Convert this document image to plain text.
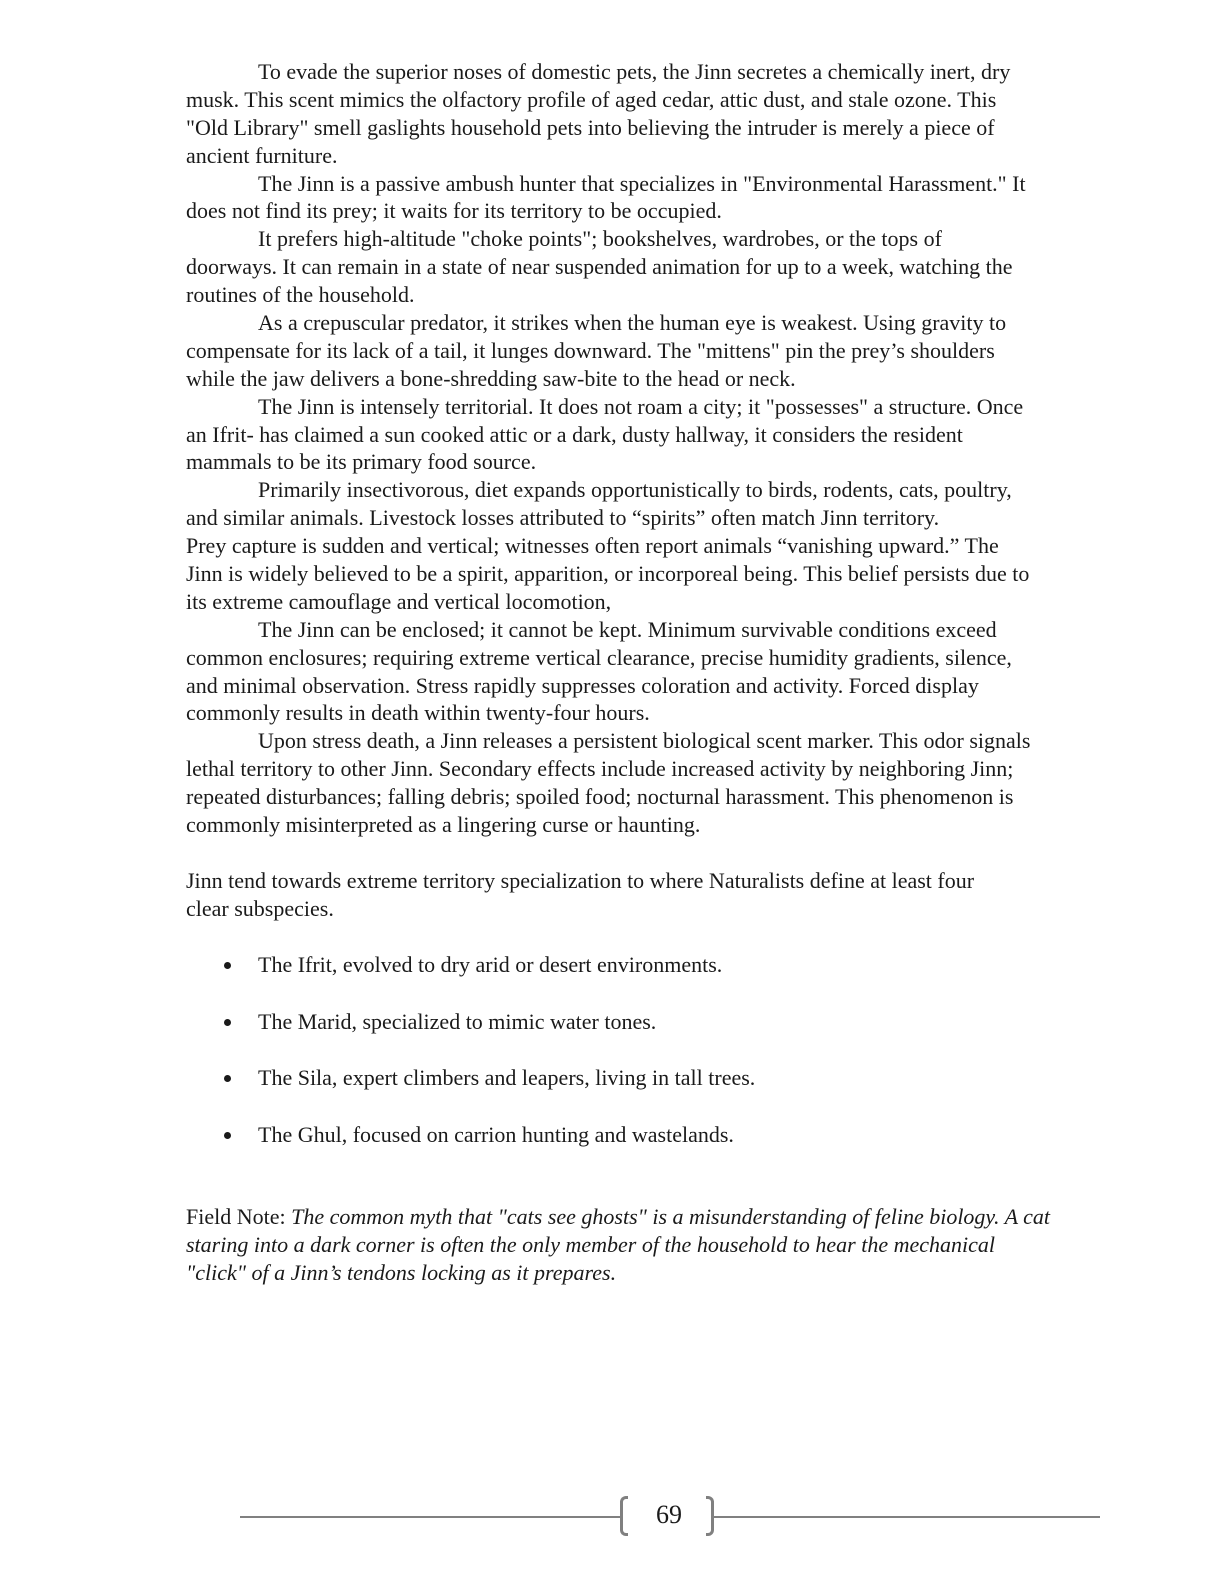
To evade the superior noses of domestic pets, the Jinn secretes a chemically inert, dry
musk. This scent mimics the olfactory profile of aged cedar, attic dust, and stale ozone. This
"Old Library" smell gaslights household pets into believing the intruder is merely a piece of
ancient furniture.
The Jinn is a passive ambush hunter that specializes in "Environmental Harassment." It
does not find its prey; it waits for its territory to be occupied.
It prefers high-altitude "choke points"; bookshelves, wardrobes, or the tops of
doorways. It can remain in a state of near suspended animation for up to a week, watching the
routines of the household.
As a crepuscular predator, it strikes when the human eye is weakest. Using gravity to
compensate for its lack of a tail, it lunges downward. The "mittens" pin the prey’s shoulders
while the jaw delivers a bone-shredding saw-bite to the head or neck.
The Jinn is intensely territorial. It does not roam a city; it "possesses" a structure. Once
an Ifrit- has claimed a sun cooked attic or a dark, dusty hallway, it considers the resident
mammals to be its primary food source.
Primarily insectivorous, diet expands opportunistically to birds, rodents, cats, poultry,
and similar animals. Livestock losses attributed to “spirits” often match Jinn territory.
Prey capture is sudden and vertical; witnesses often report animals “vanishing upward.” The
Jinn is widely believed to be a spirit, apparition, or incorporeal being. This belief persists due to
its extreme camouflage and vertical locomotion,
The Jinn can be enclosed; it cannot be kept. Minimum survivable conditions exceed
common enclosures; requiring extreme vertical clearance, precise humidity gradients, silence,
and minimal observation. Stress rapidly suppresses coloration and activity. Forced display
commonly results in death within twenty-four hours.
Upon stress death, a Jinn releases a persistent biological scent marker. This odor signals
lethal territory to other Jinn. Secondary effects include increased activity by neighboring Jinn;
repeated disturbances; falling debris; spoiled food; nocturnal harassment. This phenomenon is
commonly misinterpreted as a lingering curse or haunting.
Jinn tend towards extreme territory specialization to where Naturalists define at least four
clear subspecies.
The Ifrit, evolved to dry arid or desert environments.
The Marid, specialized to mimic water tones.
The Sila, expert climbers and leapers, living in tall trees.
The Ghul, focused on carrion hunting and wastelands.
Field Note: The common myth that "cats see ghosts" is a misunderstanding of feline biology. A cat
staring into a dark corner is often the only member of the household to hear the mechanical
"click" of a Jinn’s tendons locking as it prepares.
69
